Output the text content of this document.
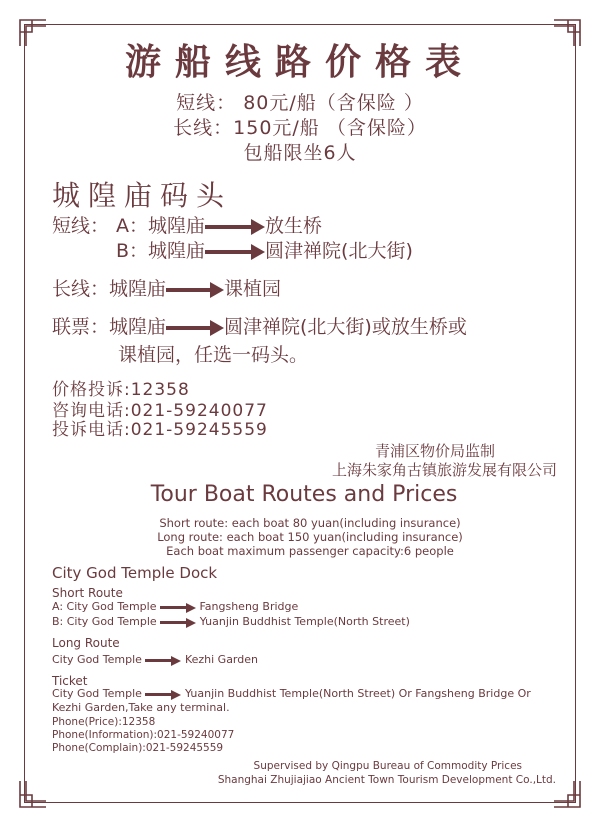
游船线路价格表
短线： 80元/船（含保险 ）
长线：150元/船 （含保险）
包船限坐6人
城隍庙码头
短线： A：城隍庙	放生桥
B：城隍庙	圆津禅院(北大街)
长线：城隍庙	课植园
联票：城隍庙	圆津禅院(北大街)或放生桥或
课植园，任选一码头。
价格投诉:12358
咨询电话:021-59240077
投诉电话:021-59245559
青浦区物价局监制
上海朱家角古镇旅游发展有限公司
Tour Boat Routes and Prices
Short route: each boat 80 yuan(including insurance)
Long route: each boat 150 yuan(including insurance)
Each boat maximum passenger capacity:6 people
City God Temple Dock
Short Route
A: City God Temple	Fangsheng Bridge
B: City God Temple	Yuanjin Buddhist Temple(North Street)
Long Route
City God Temple	Kezhi Garden
Ticket
City God Temple	Yuanjin Buddhist Temple(North Street) Or Fangsheng Bridge Or
Kezhi Garden,Take any terminal.
Phone(Price):12358
Phone(Information):021-59240077
Phone(Complain):021-59245559
Supervised by Qingpu Bureau of Commodity Prices
Shanghai Zhujiajiao Ancient Town Tourism Development Co.,Ltd.
